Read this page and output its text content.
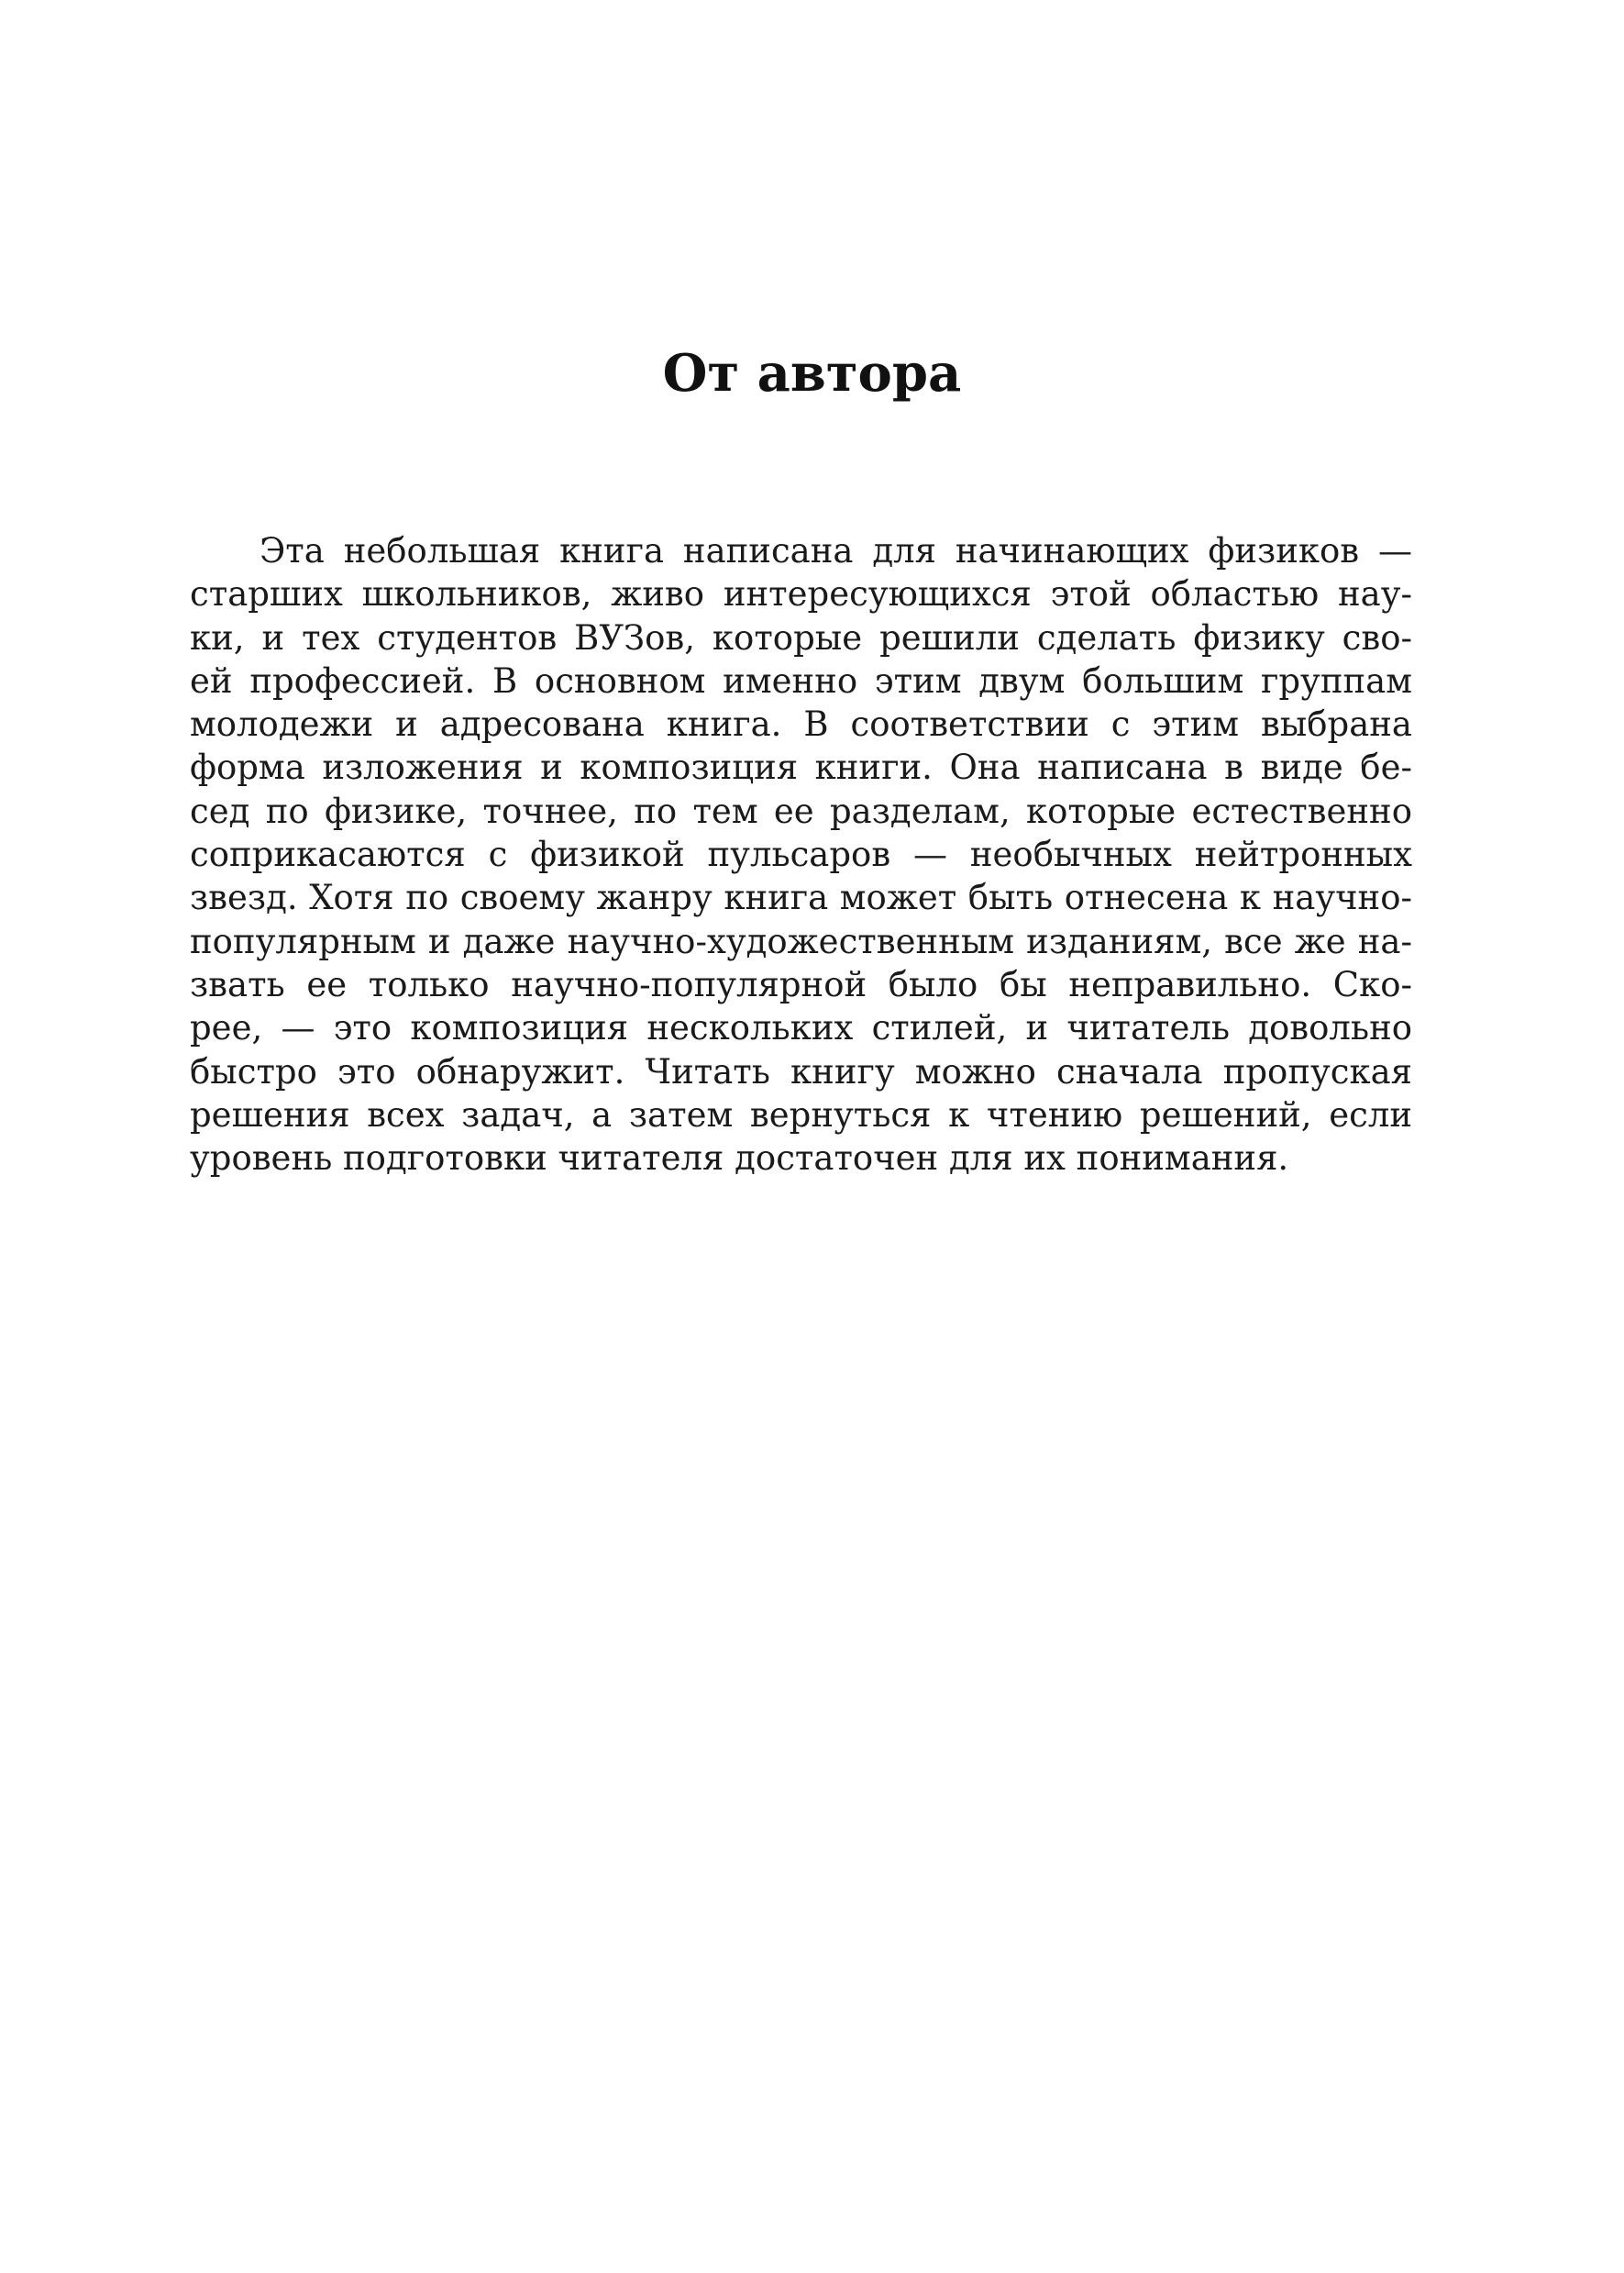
От автора
Эта небольшая книга написана для начинающих физиков —
старших школьников, живо интересующихся этой областью нау-
ки, и тех студентов ВУЗов, которые решили сделать физику сво-
ей профессией. В основном именно этим двум большим группам
молодежи и адресована книга. В соответствии с этим выбрана
форма изложения и композиция книги. Она написана в виде бе-
сед по физике, точнее, по тем ее разделам, которые естественно
соприкасаются с физикой пульсаров — необычных нейтронных
звезд. Хотя по своему жанру книга может быть отнесена к научно-
популярным и даже научно-художественным изданиям, все же на-
звать ее только научно-популярной было бы неправильно. Ско-
рее, — это композиция нескольких стилей, и читатель довольно
быстро это обнаружит. Читать книгу можно сначала пропуская
решения всех задач, а затем вернуться к чтению решений, если
уровень подготовки читателя достаточен для их понимания.
